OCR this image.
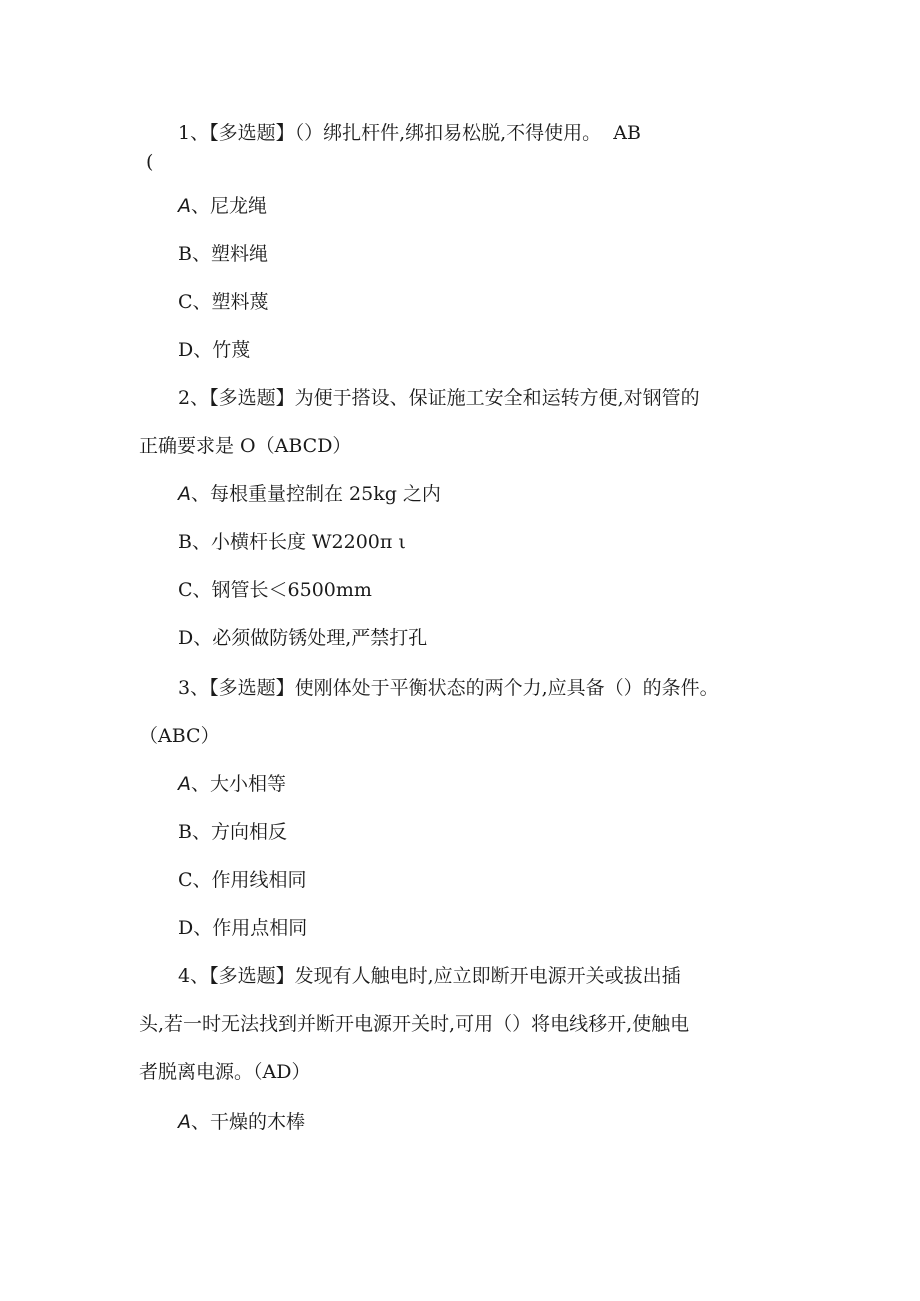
1、【多选题】（）绑扎杆件,绑扣易松脱,不得使用。  AB
(
A、尼龙绳
B、塑料绳
C、塑料蔑
D、竹蔑
2、【多选题】为便于搭设、保证施工安全和运转方便,对钢管的
正确要求是 O（ABCD）
A、每根重量控制在 25kg 之内
B、小横杆长度 W2200π ι
C、钢管长＜6500mm
D、必须做防锈处理,严禁打孔
3、【多选题】使刚体处于平衡状态的两个力,应具备（）的条件。
（ABC）
A、大小相等
B、方向相反
C、作用线相同
D、作用点相同
4、【多选题】发现有人触电时,应立即断开电源开关或拔出插
头,若一时无法找到并断开电源开关时,可用（）将电线移开,使触电
者脱离电源。（AD）
A、干燥的木棒
